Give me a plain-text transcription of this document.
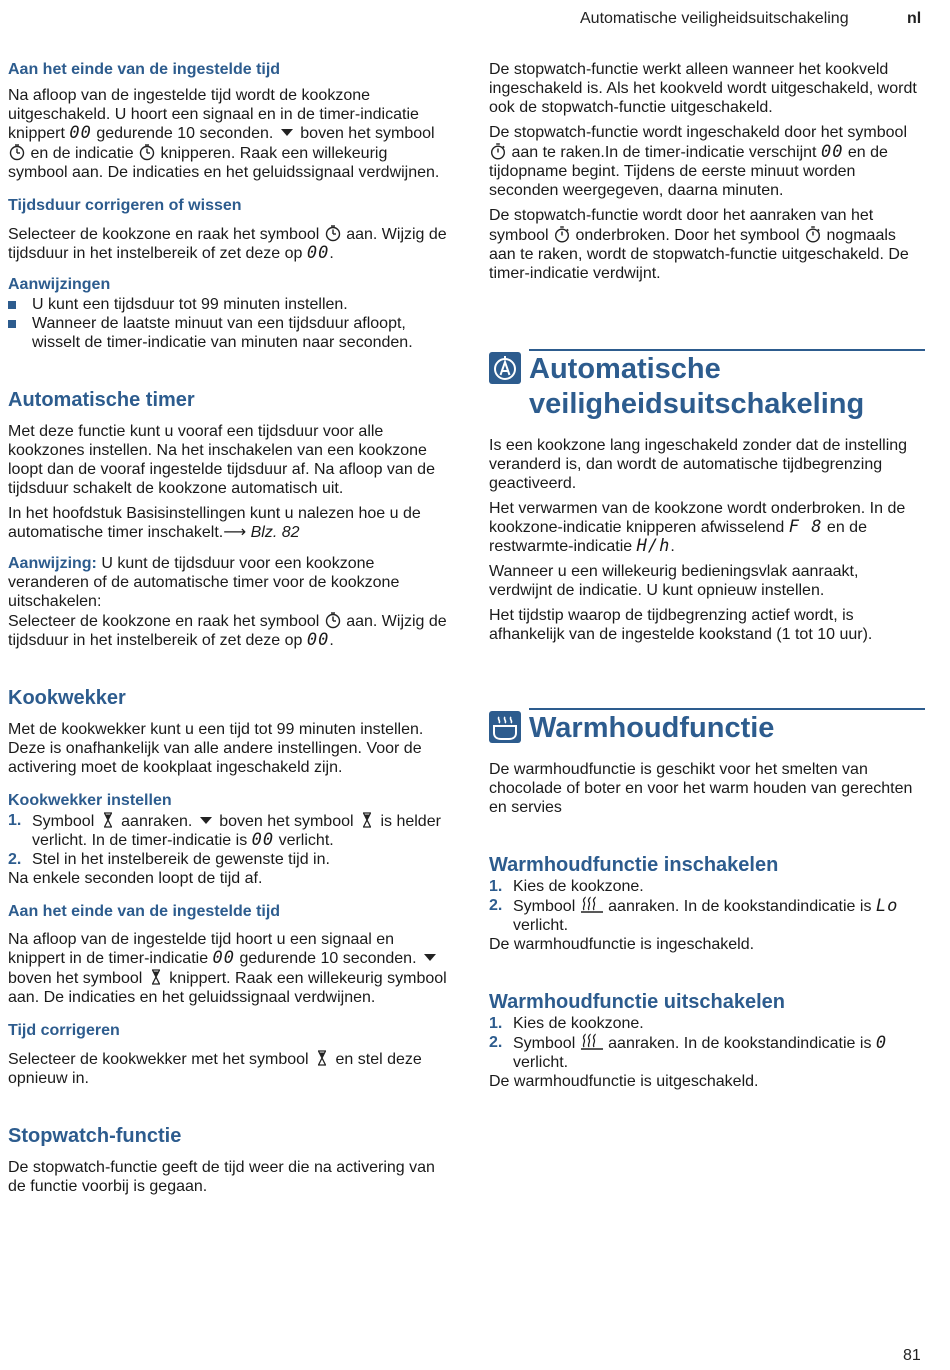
Automatische veiligheidsuitschakeling	nl
Aan het einde van de ingestelde tijd

Na afloop van de ingestelde tijd wordt de kookzone uitgeschakeld. U hoort een signaal en in de timer-indicatie knippert 00 gedurende 10 seconden. boven het symbool  en de indicatie knipperen. Raak een willekeurig symbool aan. De indicaties en het geluidssignaal verdwijnen.

Tijdsduur corrigeren of wissen

Selecteer de kookzone en raak het symbool aan. Wijzig de tijdsduur in het instelbereik of zet deze op 00.

Aanwijzingen
U kunt een tijdsduur tot 99 minuten instellen.
Wanneer de laatste minuut van een tijdsduur afloopt, wisselt de timer-indicatie van minuten naar seconden.
Automatische timer

Met deze functie kunt u vooraf een tijdsduur voor alle kookzones instellen. Na het inschakelen van een kookzone loopt dan de vooraf ingestelde tijdsduur af. Na afloop van de tijdsduur schakelt de kookzone automatisch uit.

In het hoofdstuk Basisinstellingen kunt u nalezen hoe u de automatische timer inschakelt.⟶ Blz. 82

Aanwijzing: U kunt de tijdsduur voor een kookzone veranderen of de automatische timer voor de kookzone uitschakelen:
Selecteer de kookzone en raak het symbool aan. Wijzig de tijdsduur in het instelbereik of zet deze op 00.

Kookwekker

Met de kookwekker kunt u een tijd tot 99 minuten instellen. Deze is onafhankelijk van alle andere instellingen. Voor de activering moet de kookplaat ingeschakeld zijn.

Kookwekker instellen
1. Symbool aanraken. boven het symbool is helder verlicht. In de timer-indicatie is 00 verlicht.
2. Stel in het instelbereik de gewenste tijd in.

Na enkele seconden loopt de tijd af.

Aan het einde van de ingestelde tijd

Na afloop van de ingestelde tijd hoort u een signaal en knippert in de timer-indicatie 00 gedurende 10 seconden.  boven het symbool knippert. Raak een willekeurig symbool aan. De indicaties en het geluidssignaal verdwijnen.

Tijd corrigeren

Selecteer de kookwekker met het symbool en stel deze opnieuw in.

Stopwatch-functie

De stopwatch-functie geeft de tijd weer die na activering van de functie voorbij is gegaan.

De stopwatch-functie werkt alleen wanneer het kookveld ingeschakeld is. Als het kookveld wordt uitgeschakeld, wordt ook de stopwatch-functie uitgeschakeld.

De stopwatch-functie wordt ingeschakeld door het symbool  aan te raken.In de timer-indicatie verschijnt 00 en de tijdopname begint. Tijdens de eerste minuut worden seconden weergegeven, daarna minuten.

De stopwatch-functie wordt door het aanraken van het symbool onderbroken. Door het symbool nogmaals aan te raken, wordt de stopwatch-functie uitgeschakeld. De timer-indicatie verdwijnt.

Automatische
veiligheidsuitschakeling

Is een kookzone lang ingeschakeld zonder dat de instelling veranderd is, dan wordt de automatische tijdbegrenzing geactiveerd.

Het verwarmen van de kookzone wordt onderbroken. In de kookzone-indicatie knipperen afwisselend F 8 en de restwarmte-indicatie H/h.

Wanneer u een willekeurig bedieningsvlak aanraakt, verdwijnt de indicatie. U kunt opnieuw instellen.

Het tijdstip waarop de tijdbegrenzing actief wordt, is afhankelijk van de ingestelde kookstand (1 tot 10 uur).

Warmhoudfunctie

De warmhoudfunctie is geschikt voor het smelten van chocolade of boter en voor het warm houden van gerechten en servies

Warmhoudfunctie inschakelen
1. Kies de kookzone.
2. Symbool aanraken. In de kookstandindicatie is Lo verlicht.

De warmhoudfunctie is ingeschakeld.

Warmhoudfunctie uitschakelen
1. Kies de kookzone.
2. Symbool aanraken. In de kookstandindicatie is 0 verlicht.

De warmhoudfunctie is uitgeschakeld.

81
